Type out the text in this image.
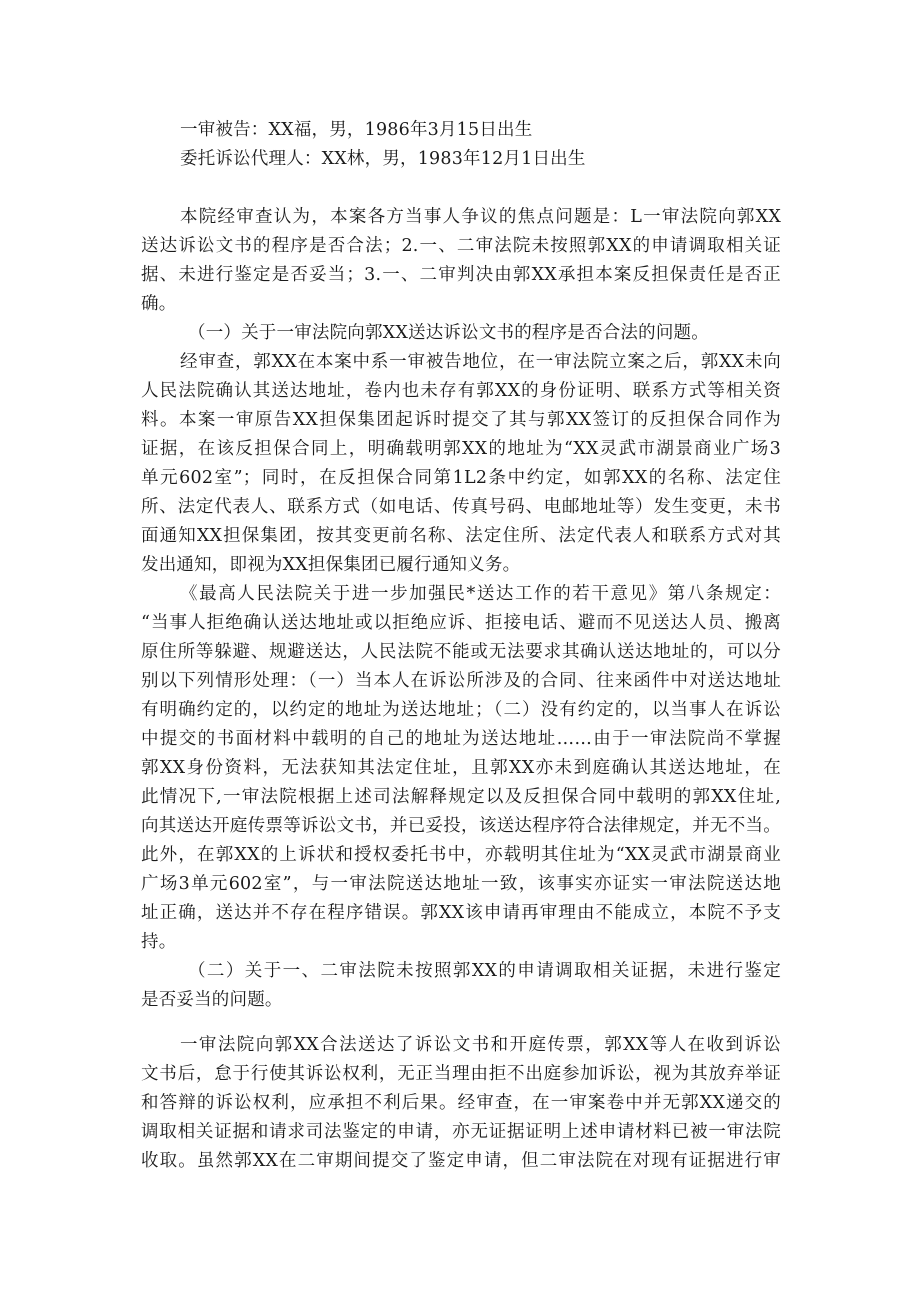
一审被告：XX福，男，1986年3月15日出生
委托诉讼代理人：XX林，男，1983年12月1日出生
本院经审查认为，本案各方当事人争议的焦点问题是：L一审法院向郭XX
送达诉讼文书的程序是否合法；2.一、二审法院未按照郭XX的申请调取相关证
据、未进行鉴定是否妥当；3.一、二审判决由郭XX承担本案反担保责任是否正
确。
（一）关于一审法院向郭XX送达诉讼文书的程序是否合法的问题。
经审查，郭XX在本案中系一审被告地位，在一审法院立案之后，郭XX未向
人民法院确认其送达地址，卷内也未存有郭XX的身份证明、联系方式等相关资
料。本案一审原告XX担保集团起诉时提交了其与郭XX签订的反担保合同作为
证据，在该反担保合同上，明确载明郭XX的地址为“XX灵武市湖景商业广场3
单元602室”；同时，在反担保合同第1L2条中约定，如郭XX的名称、法定住
所、法定代表人、联系方式（如电话、传真号码、电邮地址等）发生变更，未书
面通知XX担保集团，按其变更前名称、法定住所、法定代表人和联系方式对其
发出通知，即视为XX担保集团已履行通知义务。
《最高人民法院关于进一步加强民*送达工作的若干意见》第八条规定：
“当事人拒绝确认送达地址或以拒绝应诉、拒接电话、避而不见送达人员、搬离
原住所等躲避、规避送达，人民法院不能或无法要求其确认送达地址的，可以分
别以下列情形处理：（一）当本人在诉讼所涉及的合同、往来函件中对送达地址
有明确约定的，以约定的地址为送达地址；（二）没有约定的，以当事人在诉讼
中提交的书面材料中载明的自己的地址为送达地址……由于一审法院尚不掌握
郭XX身份资料，无法获知其法定住址，且郭XX亦未到庭确认其送达地址，在
此情况下,一审法院根据上述司法解释规定以及反担保合同中载明的郭XX住址,
向其送达开庭传票等诉讼文书，并已妥投，该送达程序符合法律规定，并无不当。
此外，在郭XX的上诉状和授权委托书中，亦载明其住址为“XX灵武市湖景商业
广场3单元602室”，与一审法院送达地址一致，该事实亦证实一审法院送达地
址正确，送达并不存在程序错误。郭XX该申请再审理由不能成立，本院不予支
持。
（二）关于一、二审法院未按照郭XX的申请调取相关证据，未进行鉴定
是否妥当的问题。
一审法院向郭XX合法送达了诉讼文书和开庭传票，郭XX等人在收到诉讼
文书后，怠于行使其诉讼权利，无正当理由拒不出庭参加诉讼，视为其放弃举证
和答辩的诉讼权利，应承担不利后果。经审查，在一审案卷中并无郭XX递交的
调取相关证据和请求司法鉴定的申请，亦无证据证明上述申请材料已被一审法院
收取。虽然郭XX在二审期间提交了鉴定申请，但二审法院在对现有证据进行审
